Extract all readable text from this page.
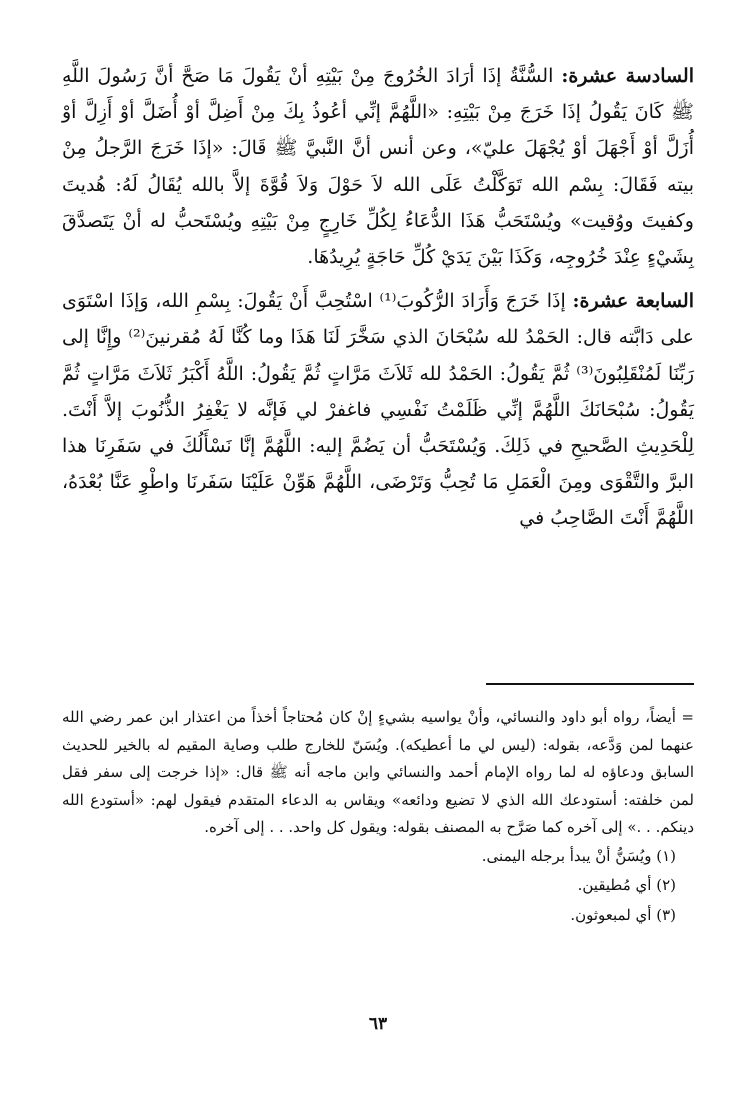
السادسة عشرة: السُّنَّةُ إذَا أرَادَ الخُرُوجَ مِنْ بَيْتِهِ أنْ يَقُولَ مَا صَحَّ أنَّ رَسُولَ اللَّهِ ﷺ كَانَ يَقُولُ إذَا خَرَجَ مِنْ بَيْتِهِ: «اللَّهُمَّ إنِّي أعُوذُ بِكَ مِنْ أَضِلَّ أوْ أُضَلَّ أوْ أَزِلَّ أوْ أُزَلَّ أوْ أَجْهَلَ أوْ يُجْهَلَ عليّ»، وعن أنس أنَّ النَّبيَّ ﷺ قَالَ: «إذَا خَرَجَ الرَّجلُ مِنْ بيته فَقَالَ: بِسْم الله تَوَكَّلْتُ عَلَى الله لاَ حَوْلَ وَلاَ قُوَّةَ إلاَّ بالله يُقَالُ لَهُ: هُديتَ وكفيتَ ووُقيت» ويُسْتَحَبُّ هَذَا الدُّعَاءُ لِكُلِّ خَارِجٍ مِنْ بَيْتِهِ ويُسْتَحبُّ له أنْ يَتَصدَّقَ بِشَيْءٍ عِنْدَ خُرُوجِه، وَكَذَا بَيْنَ يَدَيْ كُلِّ حَاجَةٍ يُرِيدُهَا.

السابعة عشرة: إذَا خَرَجَ وَأَرَادَ الرُّكُوبَ⁽¹⁾ اسْتُحِبَّ أَنْ يَقُولَ: بِسْمِ الله، وَإذَا اسْتَوَى على دَابَّته قال: الحَمْدُ لله سُبْحَانَ الذي سَخَّرَ لَنَا هَذَا وما كُنَّا لَهُ مُقرنينَ⁽²⁾ وإِنَّا إلى رَبِّنَا لَمُنْقَلِبُونَ⁽³⁾ ثُمَّ يَقُولُ: الحَمْدُ لله ثَلاَثَ مَرَّاتٍ ثُمَّ يَقُولُ: اللَّهُ أَكْبَرُ ثَلاَثَ مَرَّاتٍ ثُمَّ يَقُولُ: سُبْحَانَكَ اللَّهُمَّ إنِّي ظَلَمْتُ نَفْسِي فاغفرْ لي فَإنَّه لا يَغْفِرُ الذُّنُوبَ إلاَّ أَنْتَ. لِلْحَدِيثِ الصَّحيحِ في ذَلِكَ. وَيُسْتَحَبُّ أن يَضُمَّ إليه: اللَّهُمَّ إنَّا نَسْأَلُكَ في سَفَرِنَا هذا البرَّ والتَّقْوَى ومِنَ الْعَمَلِ مَا تُحِبُّ وَتَرْضَى، اللَّهُمَّ هَوِّنْ عَلَيْنَا سَفَرنَا واطْوِ عَنَّا بُعْدَهُ، اللَّهُمَّ أَنْتَ الصَّاحِبُ في

= أيضاً، رواه أبو داود والنسائي، وأنْ يواسيه بشيءٍ إنْ كان مُحتاجاً أخذاً من اعتذار ابن عمر رضي الله عنهما لمن وَدَّعه، بقوله: (ليس لي ما أعطيكه). ويُسَنّ للخارج طلب وصاية المقيم له بالخير للحديث السابق ودعاؤه له لما رواه الإمام أحمد والنسائي وابن ماجه أنه ﷺ قال: «إذا خرجت إلى سفر فقل لمن خلفته: أستودعك الله الذي لا تضيع ودائعه» ويقاس به الدعاء المتقدم فيقول لهم: «أستودع الله دينكم. . .» إلى آخره كما صَرَّح به المصنف بقوله: ويقول كل واحد. . . إلى آخره.

(١) ويُسَنُّ أنْ يبدأ برجله اليمنى.
(٢) أي مُطيقين.
(٣) أي لمبعوثون.
٦٣
